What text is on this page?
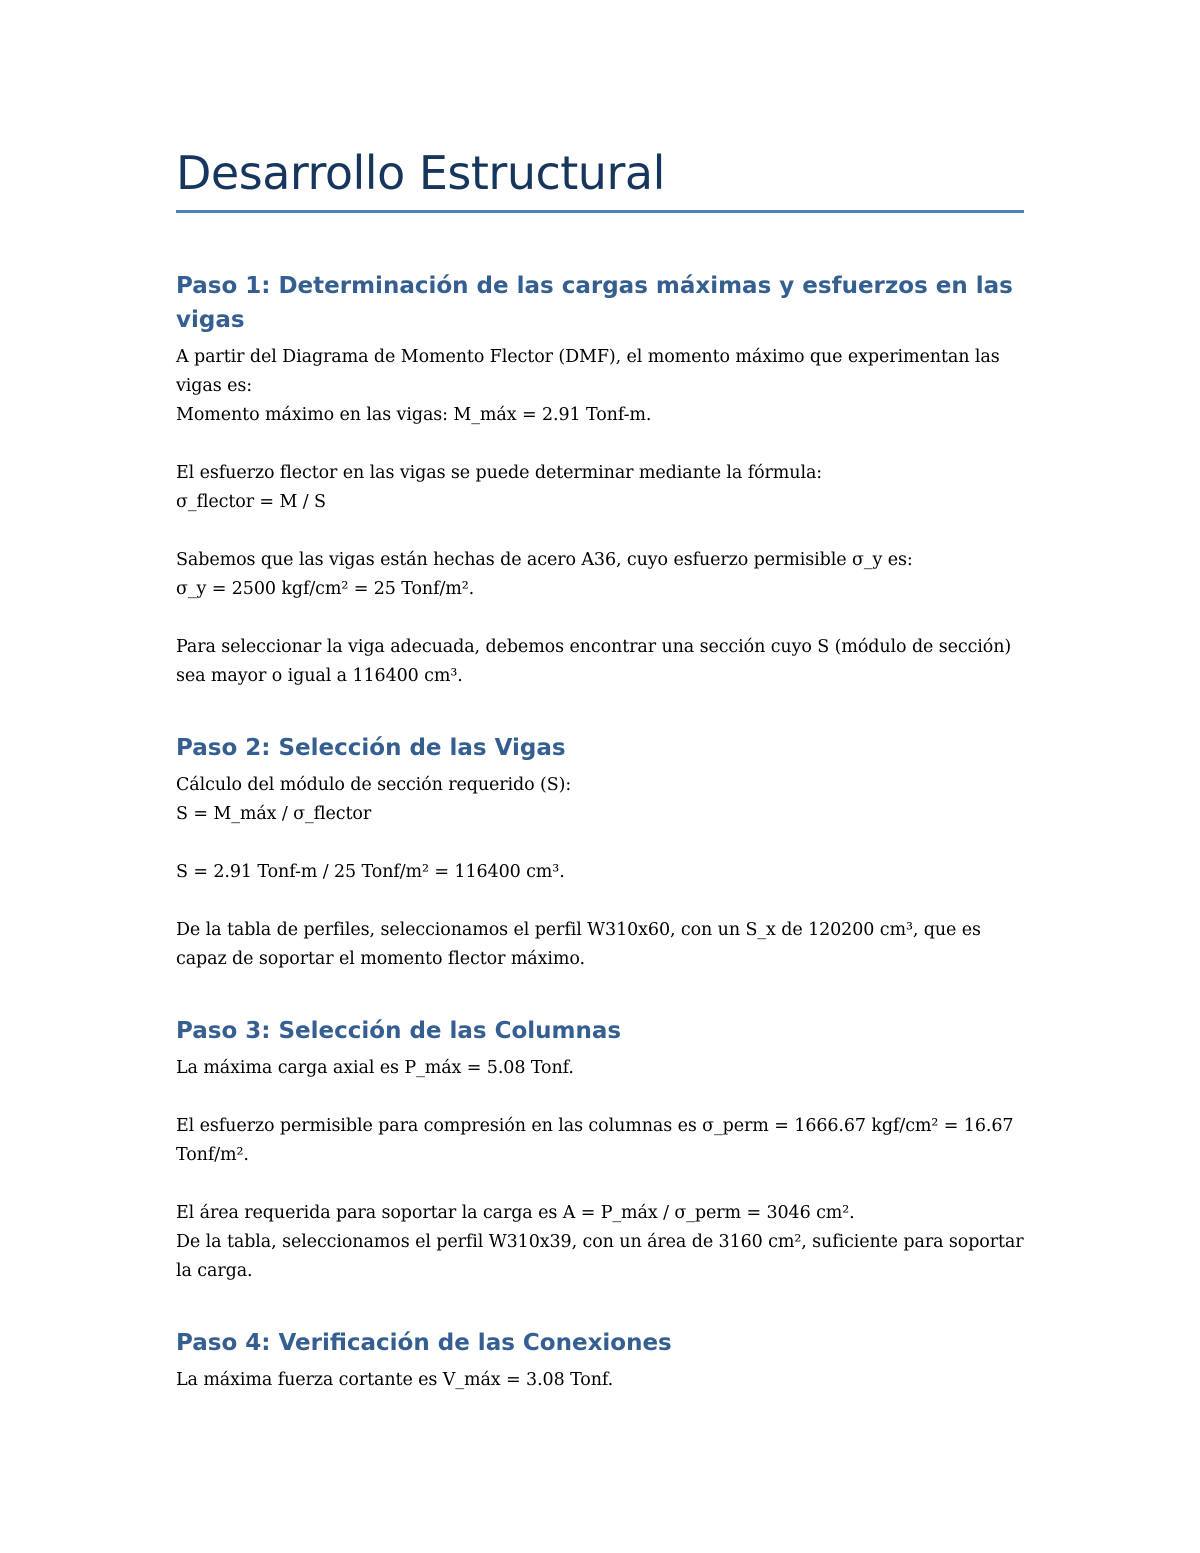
Desarrollo Estructural
Paso 1: Determinación de las cargas máximas y esfuerzos en las vigas

A partir del Diagrama de Momento Flector (DMF), el momento máximo que experimentan las vigas es:
Momento máximo en las vigas: M_máx = 2.91 Tonf-m.

El esfuerzo flector en las vigas se puede determinar mediante la fórmula:
σ_flector = M / S

Sabemos que las vigas están hechas de acero A36, cuyo esfuerzo permisible σ_y es:
σ_y = 2500 kgf/cm² = 25 Tonf/m².

Para seleccionar la viga adecuada, debemos encontrar una sección cuyo S (módulo de sección) sea mayor o igual a 116400 cm³.

Paso 2: Selección de las Vigas

Cálculo del módulo de sección requerido (S):
S = M_máx / σ_flector

S = 2.91 Tonf-m / 25 Tonf/m² = 116400 cm³.

De la tabla de perfiles, seleccionamos el perfil W310x60, con un S_x de 120200 cm³, que es capaz de soportar el momento flector máximo.

Paso 3: Selección de las Columnas

La máxima carga axial es P_máx = 5.08 Tonf.

El esfuerzo permisible para compresión en las columnas es σ_perm = 1666.67 kgf/cm² = 16.67 Tonf/m².

El área requerida para soportar la carga es A = P_máx / σ_perm = 3046 cm².
De la tabla, seleccionamos el perfil W310x39, con un área de 3160 cm², suficiente para soportar la carga.

Paso 4: Verificación de las Conexiones

La máxima fuerza cortante es V_máx = 3.08 Tonf.
